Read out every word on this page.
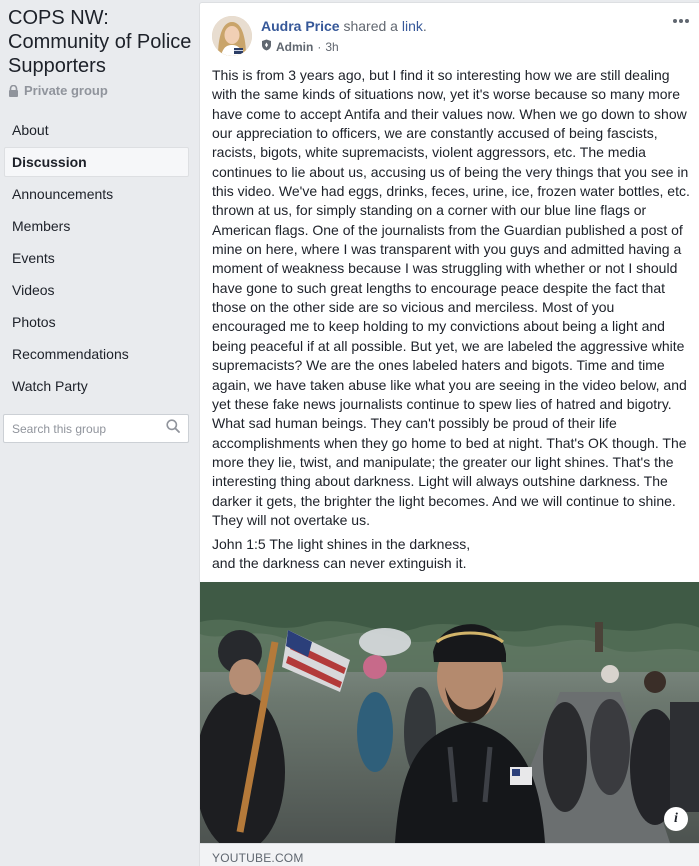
COPS NW: Community of Police Supporters
Private group
About
Discussion
Announcements
Members
Events
Videos
Photos
Recommendations
Watch Party
Search this group
Audra Price shared a link.
Admin · 3h
This is from 3 years ago, but I find it so interesting how we are still dealing with the same kinds of situations now, yet it's worse because so many more have come to accept Antifa and their values now. When we go down to show our appreciation to officers, we are constantly accused of being fascists, racists, bigots, white supremacists, violent aggressors, etc. The media continues to lie about us, accusing us of being the very things that you see in this video. We've had eggs, drinks, feces, urine, ice, frozen water bottles, etc. thrown at us, for simply standing on a corner with our blue line flags or American flags. One of the journalists from the Guardian published a post of mine on here, where I was transparent with you guys and admitted having a moment of weakness because I was struggling with whether or not I should have gone to such great lengths to encourage peace despite the fact that those on the other side are so vicious and merciless. Most of you encouraged me to keep holding to my convictions about being a light and being peaceful if at all possible. But yet, we are labeled the aggressive white supremacists? We are the ones labeled haters and bigots. Time and time again, we have taken abuse like what you are seeing in the video below, and yet these fake news journalists continue to spew lies of hatred and bigotry. What sad human beings. They can't possibly be proud of their life accomplishments when they go home to bed at night. That's OK though. The more they lie, twist, and manipulate; the greater our light shines. That's the interesting thing about darkness. Light will always outshine darkness. The darker it gets, the brighter the light becomes. And we will continue to shine. They will not overtake us.
John 1:5 The light shines in the darkness,
and the darkness can never extinguish it.
i
YOUTUBE.COM
